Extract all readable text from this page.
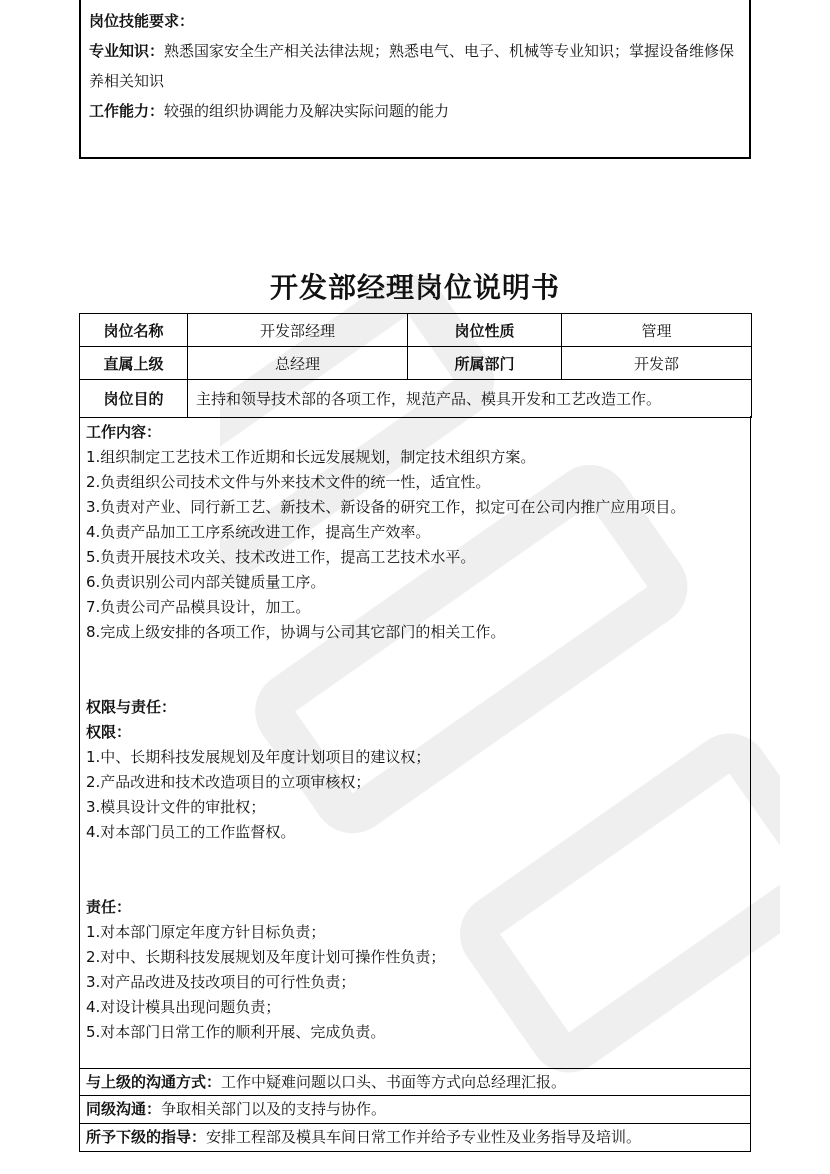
岗位技能要求：

专业知识：熟悉国家安全生产相关法律法规；熟悉电气、电子、机械等专业知识；掌握设备维修保养相关知识

工作能力：较强的组织协调能力及解决实际问题的能力

开发部经理岗位说明书
岗位名称	开发部经理	岗位性质	管理
直属上级	总经理	所属部门	开发部
岗位目的	主持和领导技术部的各项工作，规范产品、模具开发和工艺改造工作。		

工作内容：

1.组织制定工艺技术工作近期和长远发展规划，制定技术组织方案。

2.负责组织公司技术文件与外来技术文件的统一性，适宜性。

3.负责对产业、同行新工艺、新技术、新设备的研究工作，拟定可在公司内推广应用项目。

4.负责产品加工工序系统改进工作，提高生产效率。

5.负责开展技术攻关、技术改进工作，提高工艺技术水平。

6.负责识别公司内部关键质量工序。

7.负责公司产品模具设计，加工。

8.完成上级安排的各项工作，协调与公司其它部门的相关工作。

权限与责任：

权限：

1.中、长期科技发展规划及年度计划项目的建议权；

2.产品改进和技术改造项目的立项审核权；

3.模具设计文件的审批权；

4.对本部门员工的工作监督权。

责任：

1.对本部门原定年度方针目标负责；

2.对中、长期科技发展规划及年度计划可操作性负责；

3.对产品改进及技改项目的可行性负责；

4.对设计模具出现问题负责；

5.对本部门日常工作的顺利开展、完成负责。

与上级的沟通方式：工作中疑难问题以口头、书面等方式向总经理汇报。
同级沟通：争取相关部门以及的支持与协作。
所予下级的指导：安排工程部及模具车间日常工作并给予专业性及业务指导及培训。
